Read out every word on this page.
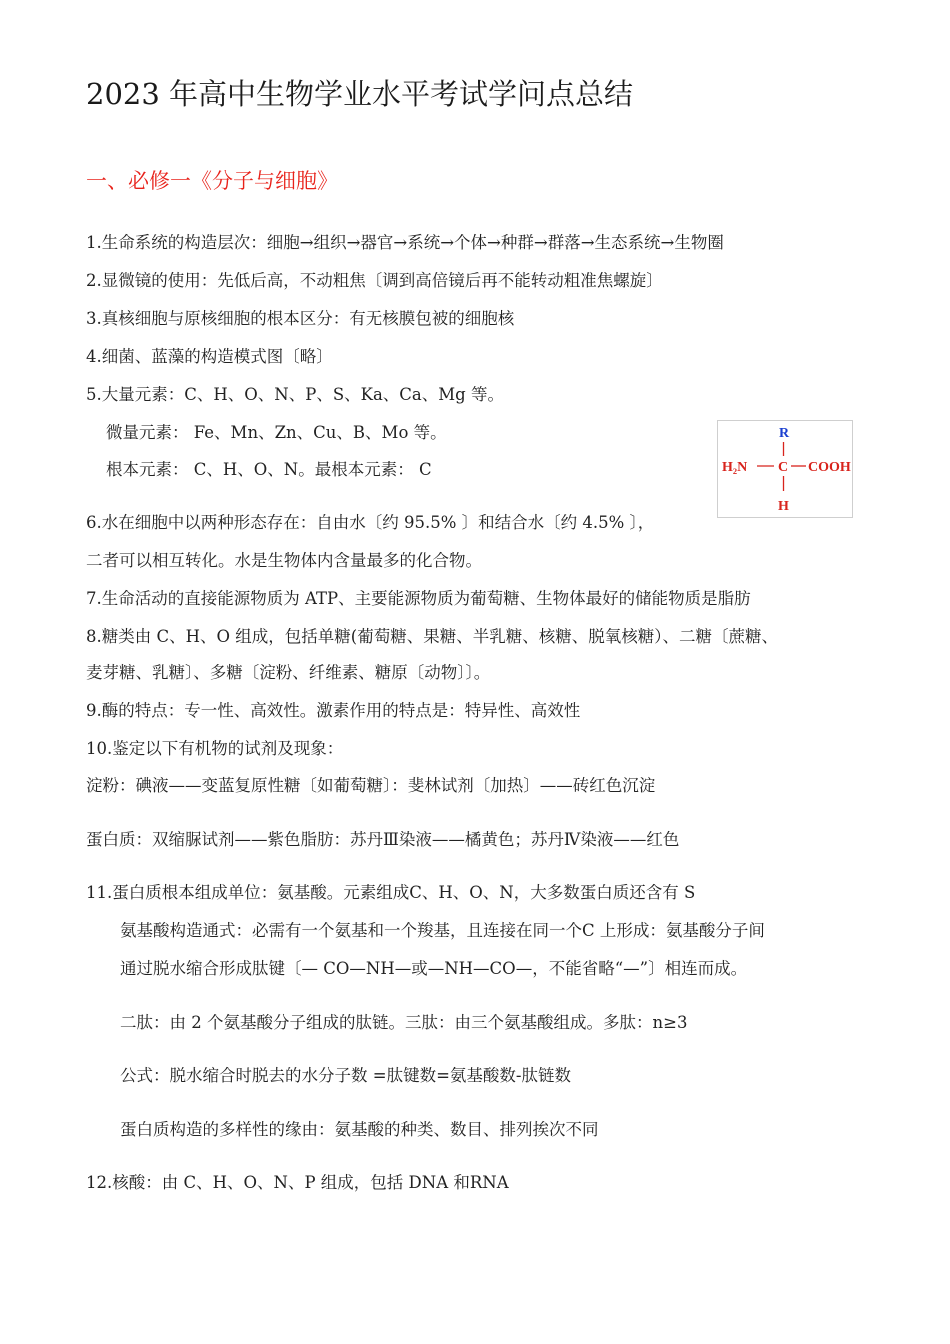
2023 年高中生物学业水平考试学问点总结
一、必修一《分子与细胞》
1.生命系统的构造层次：细胞→组织→器官→系统→个体→种群→群落→生态系统→生物圈
2.显微镜的使用：先低后高，不动粗焦〔调到高倍镜后再不能转动粗准焦螺旋〕
3.真核细胞与原核细胞的根本区分：有无核膜包被的细胞核
4.细菌、蓝藻的构造模式图〔略〕
5.大量元素：C、H、O、N、P、S、Ka、Ca、Mg 等。
微量元素： Fe、Mn、Zn、Cu、B、Mo 等。
根本元素： C、H、O、N。最根本元素： C
6.水在细胞中以两种形态存在：自由水〔约 95.5% 〕和结合水〔约 4.5% 〕，
二者可以相互转化。水是生物体内含量最多的化合物。
7.生命活动的直接能源物质为 ATP、主要能源物质为葡萄糖、生物体最好的储能物质是脂肪
8.糖类由 C、H、O 组成，包括单糖(葡萄糖、果糖、半乳糖、核糖、脱氧核糖）、二糖〔蔗糖、
麦芽糖、乳糖〕、多糖〔淀粉、纤维素、糖原〔动物〕〕。
9.酶的特点：专一性、高效性。激素作用的特点是：特异性、高效性
10.鉴定以下有机物的试剂及现象：
淀粉：碘液——变蓝复原性糖〔如葡萄糖〕：斐林试剂〔加热〕——砖红色沉淀
蛋白质：双缩脲试剂——紫色脂肪：苏丹Ⅲ染液——橘黄色；苏丹Ⅳ染液——红色
11.蛋白质根本组成单位：氨基酸。元素组成C、H、O、N，大多数蛋白质还含有 S
氨基酸构造通式：必需有一个氨基和一个羧基，且连接在同一个C 上形成：氨基酸分子间
通过脱水缩合形成肽键〔— CO—NH—或—NH—CO—，不能省略“—”〕相连而成。
二肽：由 2 个氨基酸分子组成的肽链。三肽：由三个氨基酸组成。多肽：n≥3
公式：脱水缩合时脱去的水分子数 =肽键数=氨基酸数-肽链数
蛋白质构造的多样性的缘由：氨基酸的种类、数目、排列挨次不同
12.核酸：由 C、H、O、N、P 组成，包括 DNA 和RNA
R
H₂N C COOH
H
